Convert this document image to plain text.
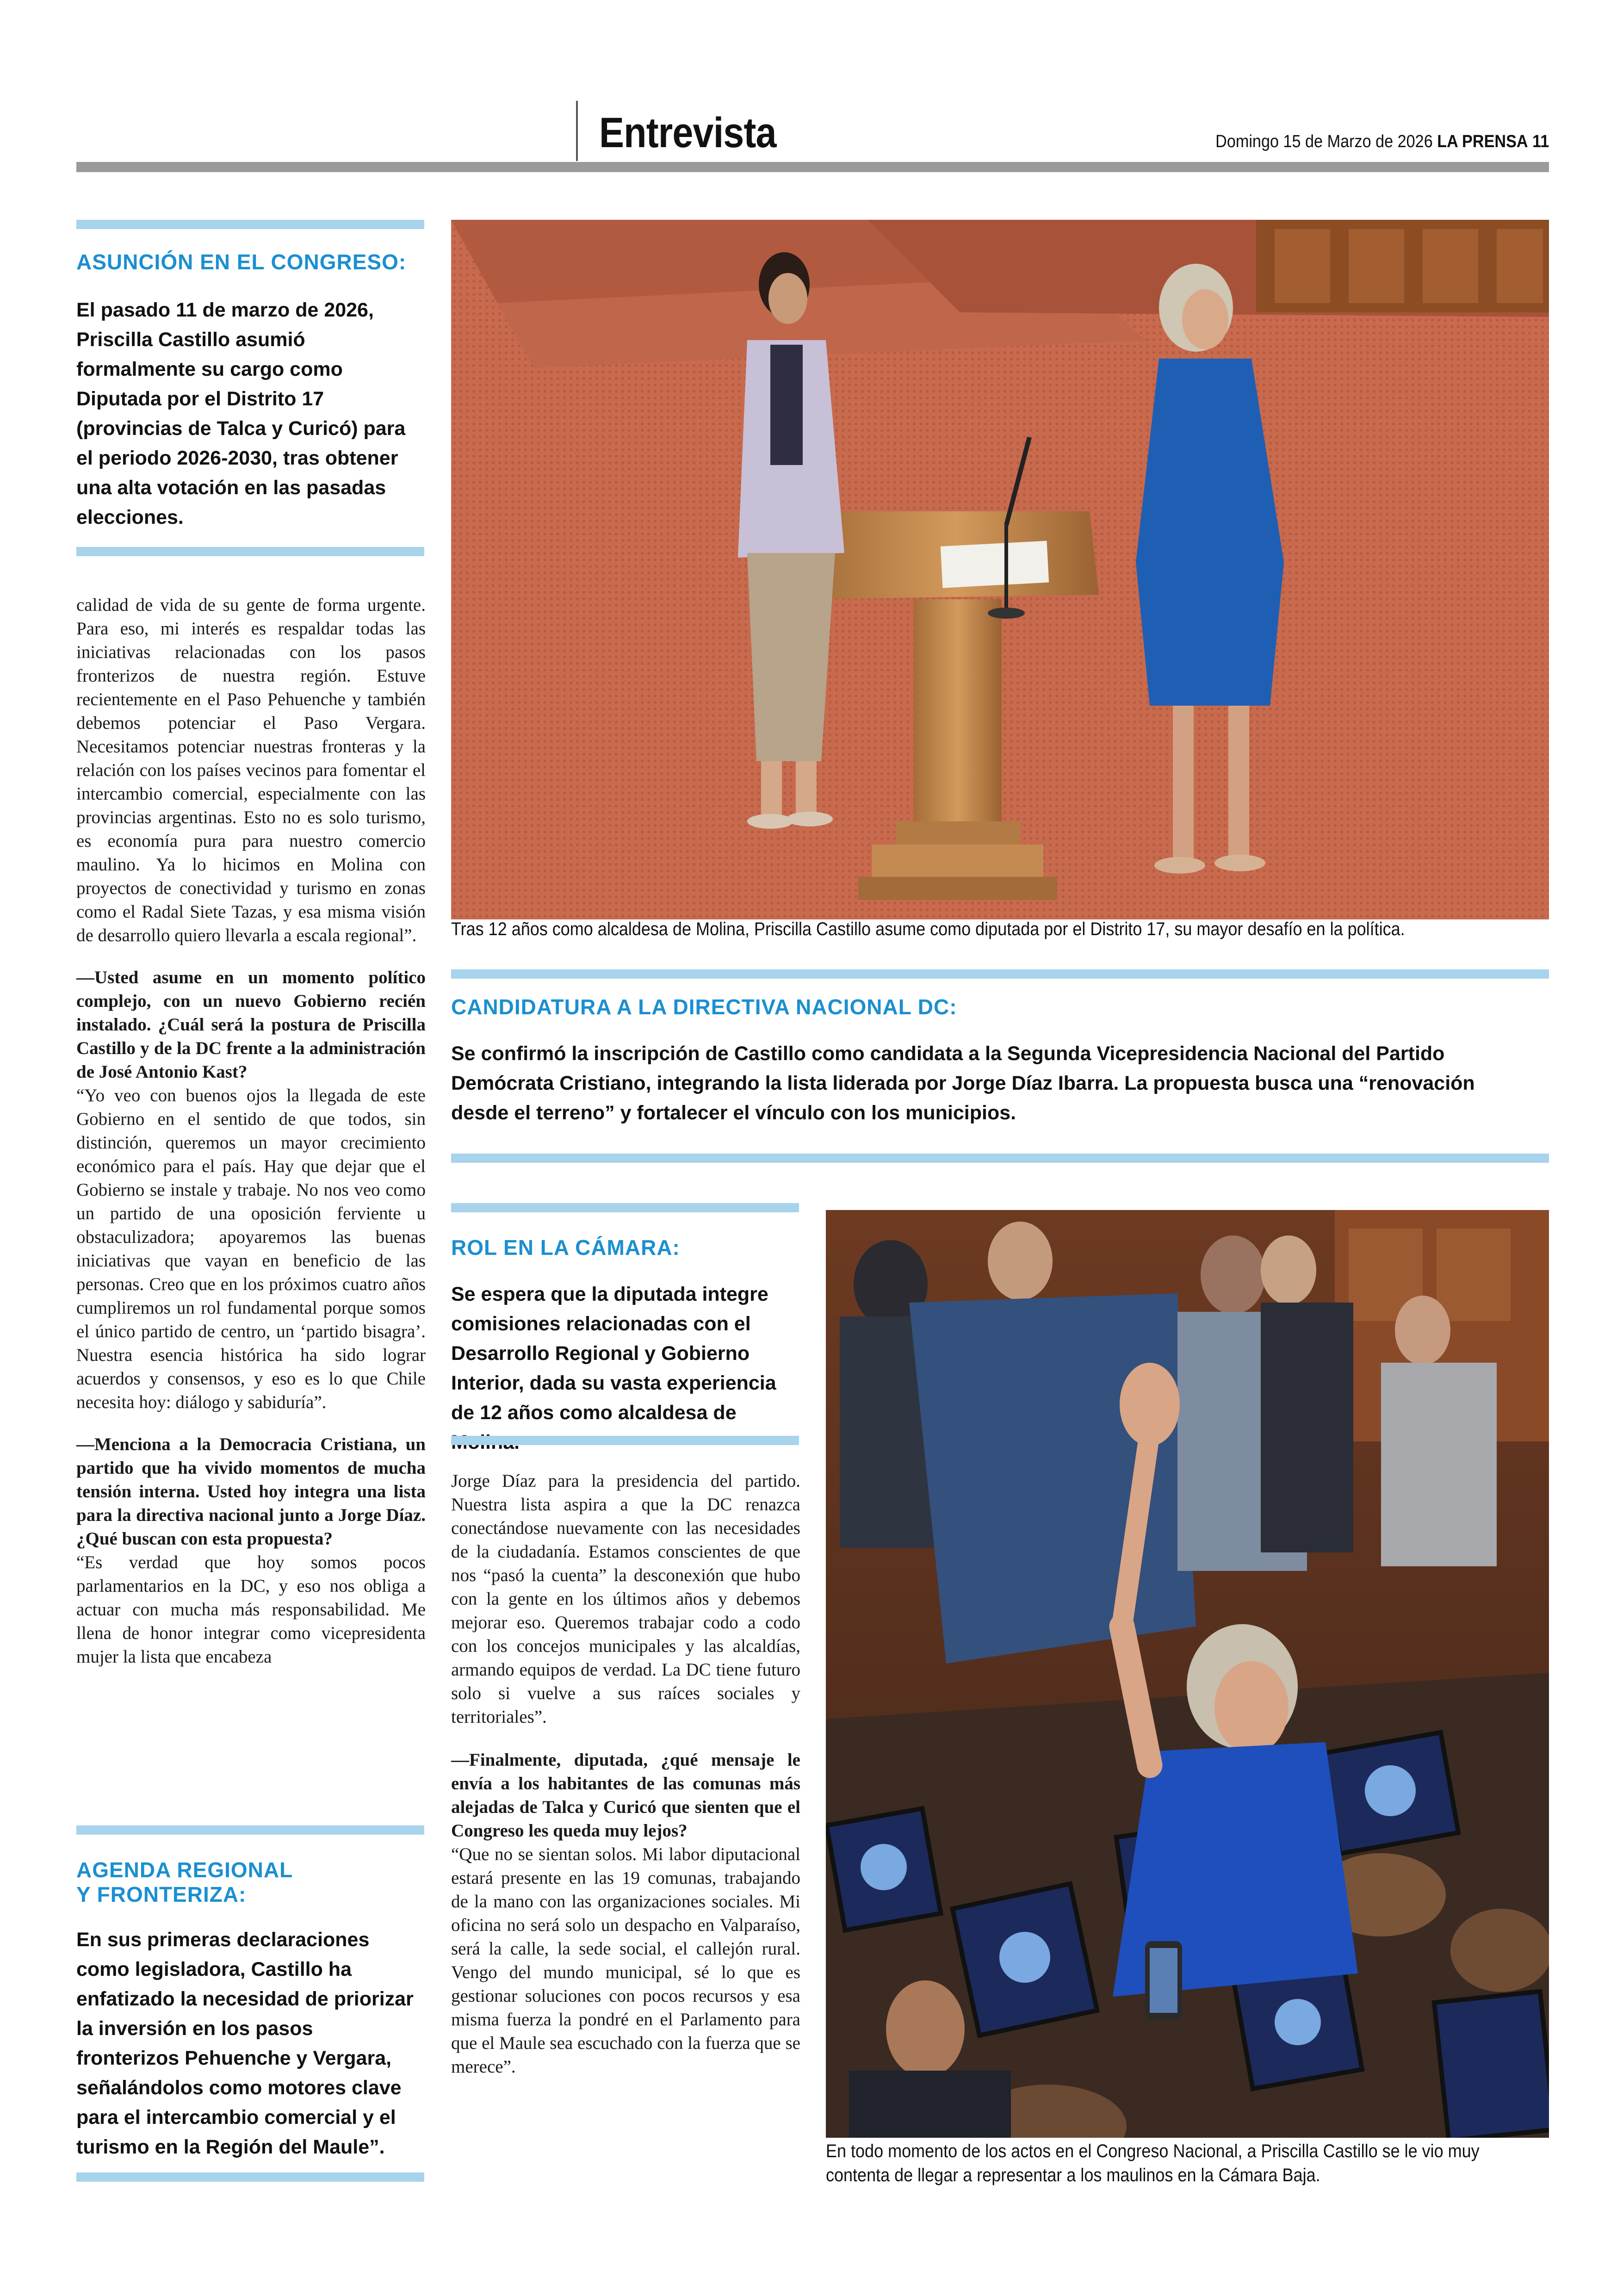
Entrevista	Domingo 15 de Marzo de 2026 LA PRENSA 11
ASUNCIÓN EN EL CONGRESO:
El pasado 11 de marzo de 2026, Priscilla Castillo asumió formalmente su cargo como Diputada por el Distrito 17 (provincias de Talca y Curicó) para el periodo 2026-2030, tras obtener una alta votación en las pasadas elecciones.

calidad de vida de su gente de forma urgente. Para eso, mi interés es respaldar todas las iniciativas relacionadas con los pasos fronterizos de nuestra región. Estuve recientemente en el Paso Pehuenche y también debemos potenciar el Paso Vergara. Necesitamos potenciar nuestras fronteras y la relación con los países vecinos para fomentar el intercambio comercial, especialmente con las provincias argentinas. Esto no es solo turismo, es economía pura para nuestro comercio maulino. Ya lo hicimos en Molina con proyectos de conectividad y turismo en zonas como el Radal Siete Tazas, y esa misma visión de desarrollo quiero llevarla a escala regional”.

—Usted asume en un momento político complejo, con un nuevo Gobierno recién instalado. ¿Cuál será la postura de Priscilla Castillo y de la DC frente a la administración de José Antonio Kast?

“Yo veo con buenos ojos la llegada de este Gobierno en el sentido de que todos, sin distinción, queremos un mayor crecimiento económico para el país. Hay que dejar que el Gobierno se instale y trabaje. No nos veo como un partido de una oposición ferviente u obstaculizadora; apoyaremos las buenas iniciativas que vayan en beneficio de las personas. Creo que en los próximos cuatro años cumpliremos un rol fundamental porque somos el único partido de centro, un ‘partido bisagra’. Nuestra esencia histórica ha sido lograr acuerdos y consensos, y eso es lo que Chile necesita hoy: diálogo y sabiduría”.

—Menciona a la Democracia Cristiana, un partido que ha vivido momentos de mucha tensión interna. Usted hoy integra una lista para la directiva nacional junto a Jorge Díaz. ¿Qué buscan con esta propuesta?

“Es verdad que hoy somos pocos parlamentarios en la DC, y eso nos obliga a actuar con mucha más responsabilidad. Me llena de honor integrar como vicepresidenta mujer la lista que encabeza

AGENDA REGIONAL
Y FRONTERIZA:
En sus primeras declaraciones como legisladora, Castillo ha enfatizado la necesidad de priorizar la inversión en los pasos fronterizos Pehuenche y Vergara, señalándolos como motores clave para el intercambio comercial y el turismo en la Región del Maule”.
Tras 12 años como alcaldesa de Molina, Priscilla Castillo asume como diputada por el Distrito 17, su mayor desafío en la política.
CANDIDATURA A LA DIRECTIVA NACIONAL DC:
Se confirmó la inscripción de Castillo como candidata a la Segunda Vicepresidencia Nacional del Partido Demócrata Cristiano, integrando la lista liderada por Jorge Díaz Ibarra. La propuesta busca una “renovación desde el terreno” y fortalecer el vínculo con los municipios.
ROL EN LA CÁMARA:
Se espera que la diputada integre comisiones relacionadas con el Desarrollo Regional y Gobierno Interior, dada su vasta experiencia de 12 años como alcaldesa de

Jorge Díaz para la presidencia del partido. Nuestra lista aspira a que la DC renazca conectándose nuevamente con las necesidades de la ciudadanía. Estamos conscientes de que nos “pasó la cuenta” la desconexión que hubo con la gente en los últimos años y debemos mejorar eso. Queremos trabajar codo a codo con los concejos municipales y las alcaldías, armando equipos de verdad. La DC tiene futuro solo si vuelve a sus raíces sociales y territoriales”.

—Finalmente, diputada, ¿qué mensaje le envía a los habitantes de las comunas más alejadas de Talca y Curicó que sienten que el Congreso les queda muy lejos?

“Que no se sientan solos. Mi labor diputacional estará presente en las 19 comunas, trabajando de la mano con las organizaciones sociales. Mi oficina no será solo un despacho en Valparaíso, será la calle, la sede social, el callejón rural. Vengo del mundo municipal, sé lo que es gestionar soluciones con pocos recursos y esa misma fuerza la pondré en el Parlamento para que el Maule sea escuchado con la fuerza que se merece”.

En todo momento de los actos en el Congreso Nacional, a Priscilla Castillo se le vio muy contenta de llegar a representar a los maulinos en la Cámara Baja.
